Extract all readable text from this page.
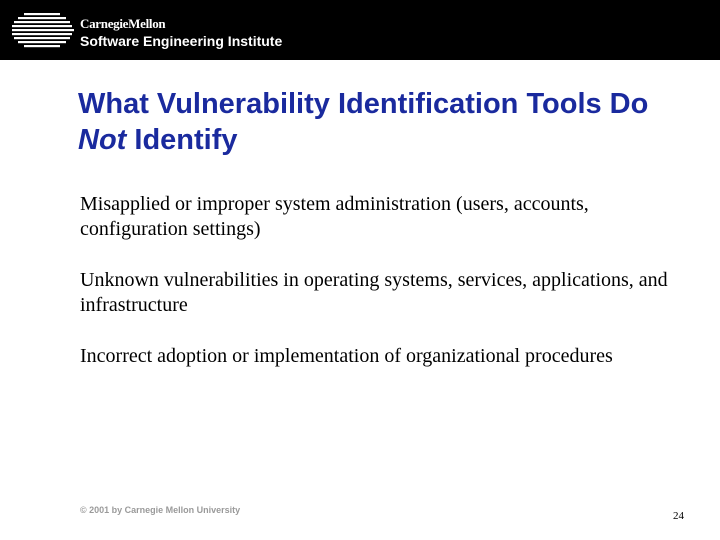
CarnegieMellon
Software Engineering Institute
What Vulnerability Identification Tools Do Not Identify
Misapplied or improper system administration (users, accounts, configuration settings)
Unknown vulnerabilities in operating systems, services, applications, and infrastructure
Incorrect adoption or implementation of organizational procedures
© 2001 by Carnegie Mellon University	24
